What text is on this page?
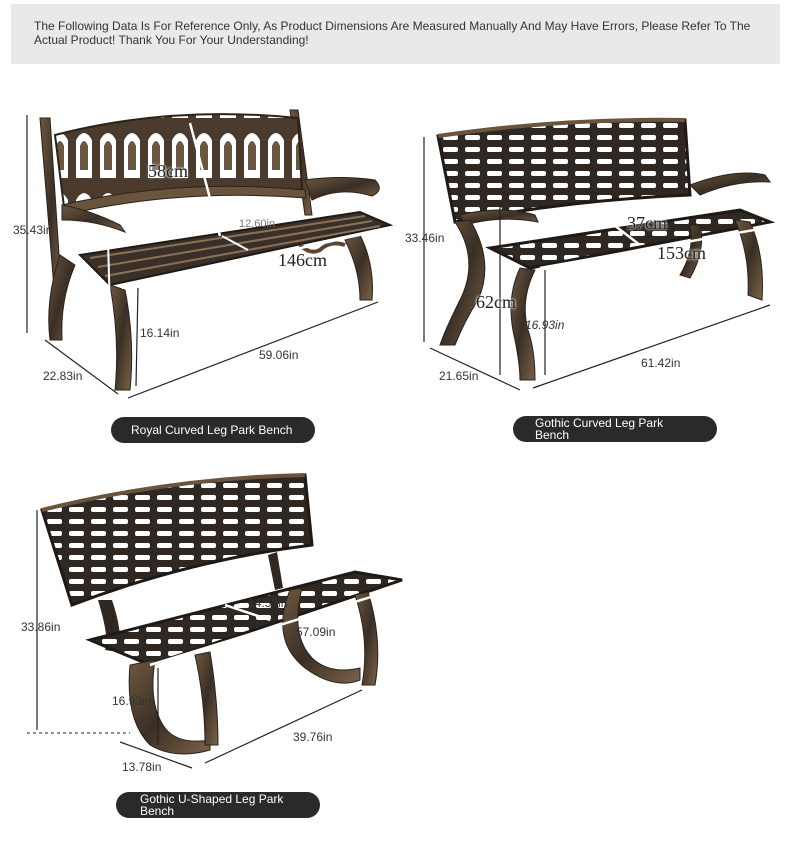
The Following Data Is For Reference Only, As Product Dimensions Are Measured Manually And May Have Errors, Please Refer To The Actual Product! Thank You For Your Understanding!
35.43in
58cm
12.60in
146cm
16.14in
59.06in
22.83in
Royal Curved Leg Park Bench
33.46in
37cm
153cm
62cm
16.93in
61.42in
21.65in
Gothic Curved Leg Park Bench
33.86in
14.57in
57.09in
16.93in
39.76in
13.78in
Gothic U-Shaped Leg Park Bench
